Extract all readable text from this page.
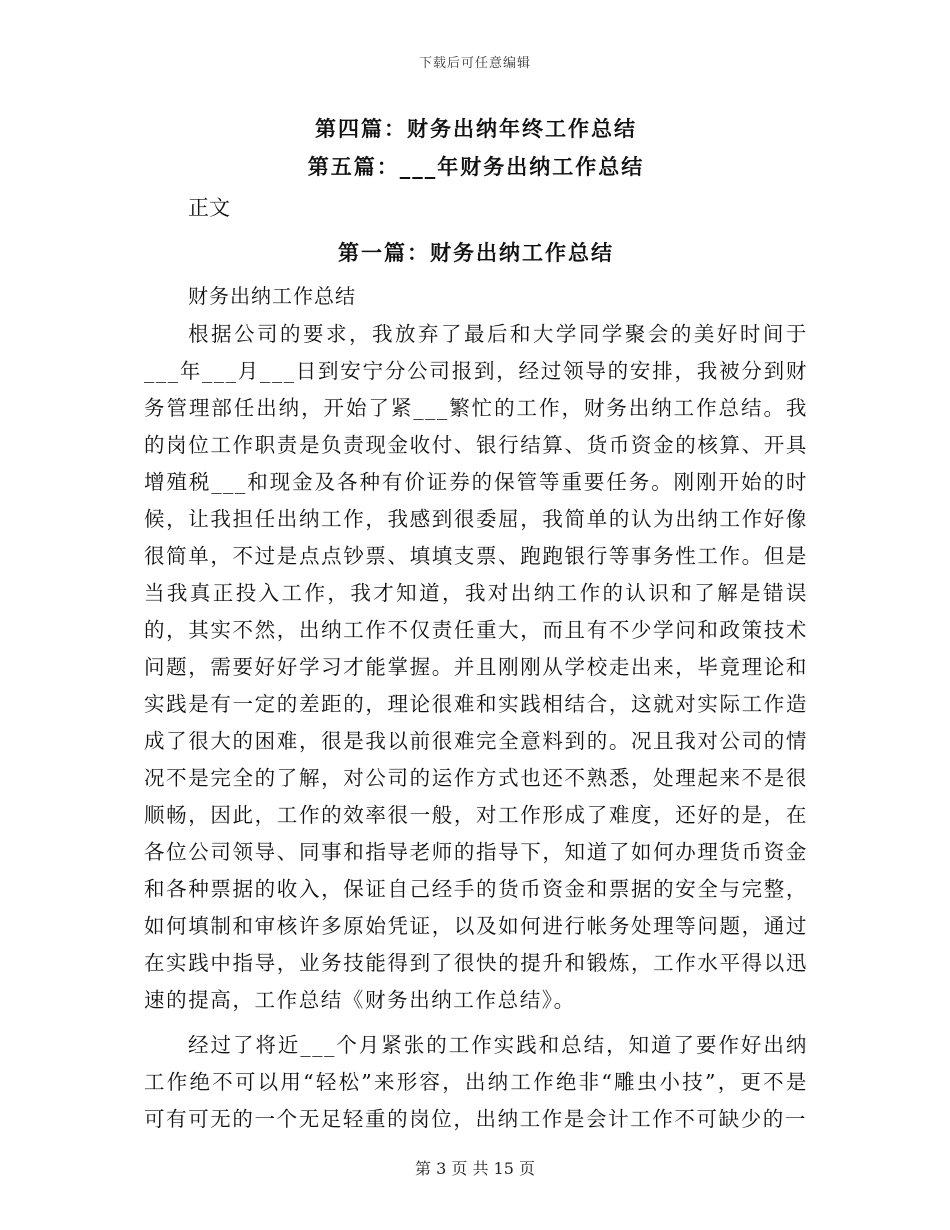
下载后可任意编辑
第四篇：财务出纳年终工作总结
第五篇：___年财务出纳工作总结
正文
第一篇：财务出纳工作总结
财务出纳工作总结

根据公司的要求，我放弃了最后和大学同学聚会的美好时间于___年___月___日到安宁分公司报到，经过领导的安排，我被分到财务管理部任出纳，开始了紧___繁忙的工作，财务出纳工作总结。我的岗位工作职责是负责现金收付、银行结算、货币资金的核算、开具增殖税___和现金及各种有价证券的保管等重要任务。刚刚开始的时候，让我担任出纳工作，我感到很委屈，我简单的认为出纳工作好像很简单，不过是点点钞票、填填支票、跑跑银行等事务性工作。但是当我真正投入工作，我才知道，我对出纳工作的认识和了解是错误的，其实不然，出纳工作不仅责任重大，而且有不少学问和政策技术问题，需要好好学习才能掌握。并且刚刚从学校走出来，毕竟理论和实践是有一定的差距的，理论很难和实践相结合，这就对实际工作造成了很大的困难，很是我以前很难完全意料到的。况且我对公司的情况不是完全的了解，对公司的运作方式也还不熟悉，处理起来不是很顺畅，因此，工作的效率很一般，对工作形成了难度，还好的是，在各位公司领导、同事和指导老师的指导下，知道了如何办理货币资金和各种票据的收入，保证自己经手的货币资金和票据的安全与完整，如何填制和审核许多原始凭证，以及如何进行帐务处理等问题，通过在实践中指导，业务技能得到了很快的提升和锻炼，工作水平得以迅速的提高，工作总结《财务出纳工作总结》。

经过了将近___个月紧张的工作实践和总结，知道了要作好出纳工作绝不可以用“轻松”来形容，出纳工作绝非“雕虫小技”，更不是可有可无的一个无足轻重的岗位，出纳工作是会计工作不可缺少的一

第 3 页 共 15 页
